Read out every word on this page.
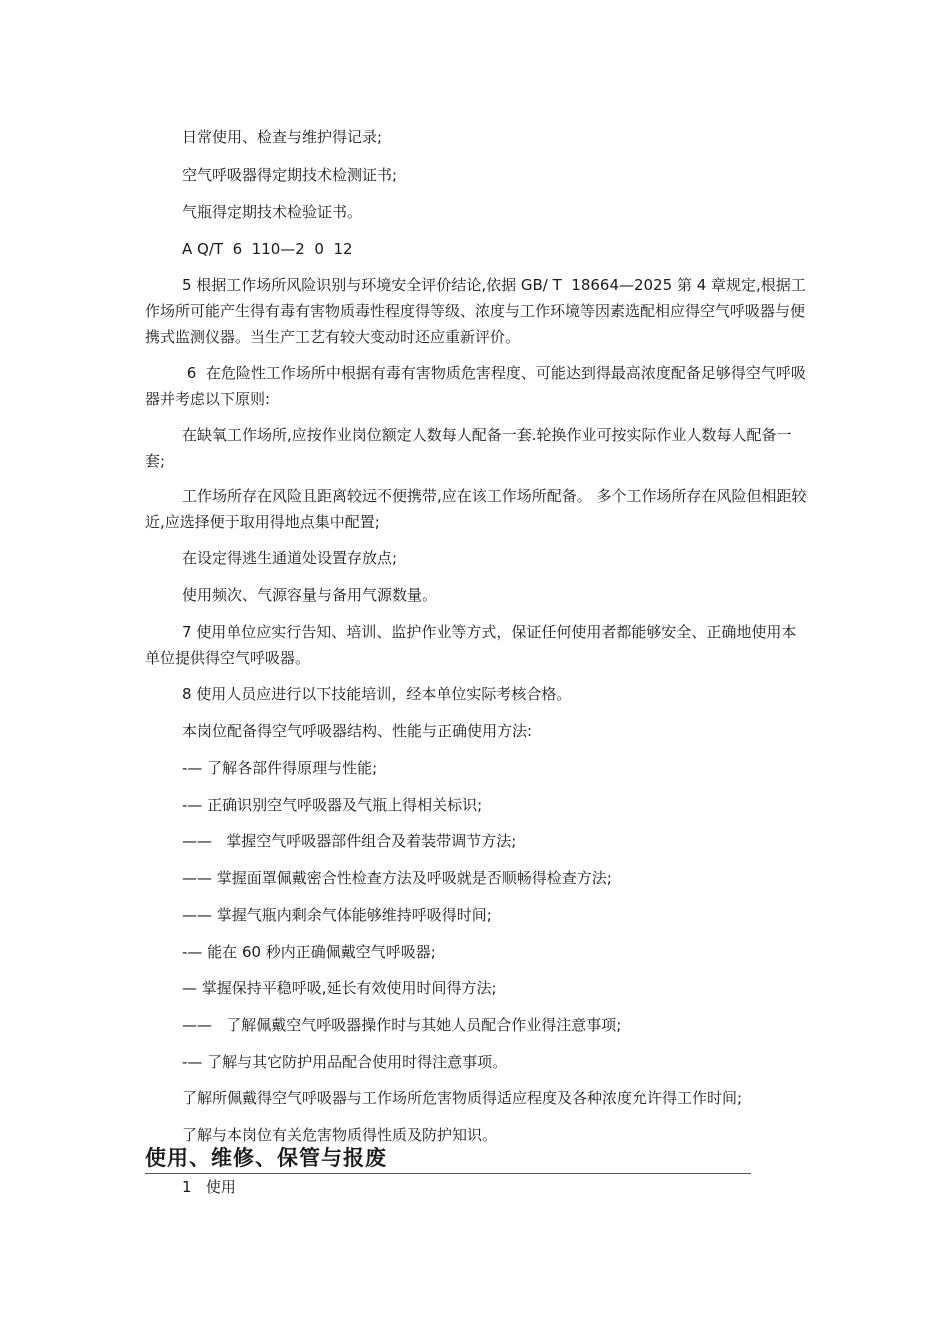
日常使用、检查与维护得记录;

空气呼吸器得定期技术检测证书;

气瓶得定期技术检验证书。

A Q/T  6  110—2  0  12

5 根据工作场所风险识别与环境安全评价结论,依据 GB/ T  18664—2025 第 4 章规定,根据工作场所可能产生得有毒有害物质毒性程度得等级、浓度与工作环境等因素选配相应得空气呼吸器与便携式监测仪器。当生产工艺有较大变动时还应重新评价。

6  在危险性工作场所中根据有毒有害物质危害程度、可能达到得最高浓度配备足够得空气呼吸器并考虑以下原则:

在缺氧工作场所,应按作业岗位额定人数每人配备一套.轮换作业可按实际作业人数每人配备一套;

工作场所存在风险且距离较远不便携带,应在该工作场所配备。 多个工作场所存在风险但相距较近,应选择便于取用得地点集中配置;

在设定得逃生通道处设置存放点;

使用频次、气源容量与备用气源数量。

7 使用单位应实行告知、培训、监护作业等方式，保证任何使用者都能够安全、正确地使用本单位提供得空气呼吸器。

8 使用人员应进行以下技能培训，经本单位实际考核合格。

本岗位配备得空气呼吸器结构、性能与正确使用方法:

-— 了解各部件得原理与性能;

-— 正确识别空气呼吸器及气瓶上得相关标识;

——   掌握空气呼吸器部件组合及着装带调节方法;

—— 掌握面罩佩戴密合性检查方法及呼吸就是否顺畅得检查方法;

—— 掌握气瓶内剩余气体能够维持呼吸得时间;

-— 能在 60 秒内正确佩戴空气呼吸器;

— 掌握保持平稳呼吸,延长有效使用时间得方法;

——   了解佩戴空气呼吸器操作时与其她人员配合作业得注意事项;

-— 了解与其它防护用品配合使用时得注意事项。

了解所佩戴得空气呼吸器与工作场所危害物质得适应程度及各种浓度允许得工作时间;

了解与本岗位有关危害物质得性质及防护知识。

使用、维修、保管与报废
1   使用
